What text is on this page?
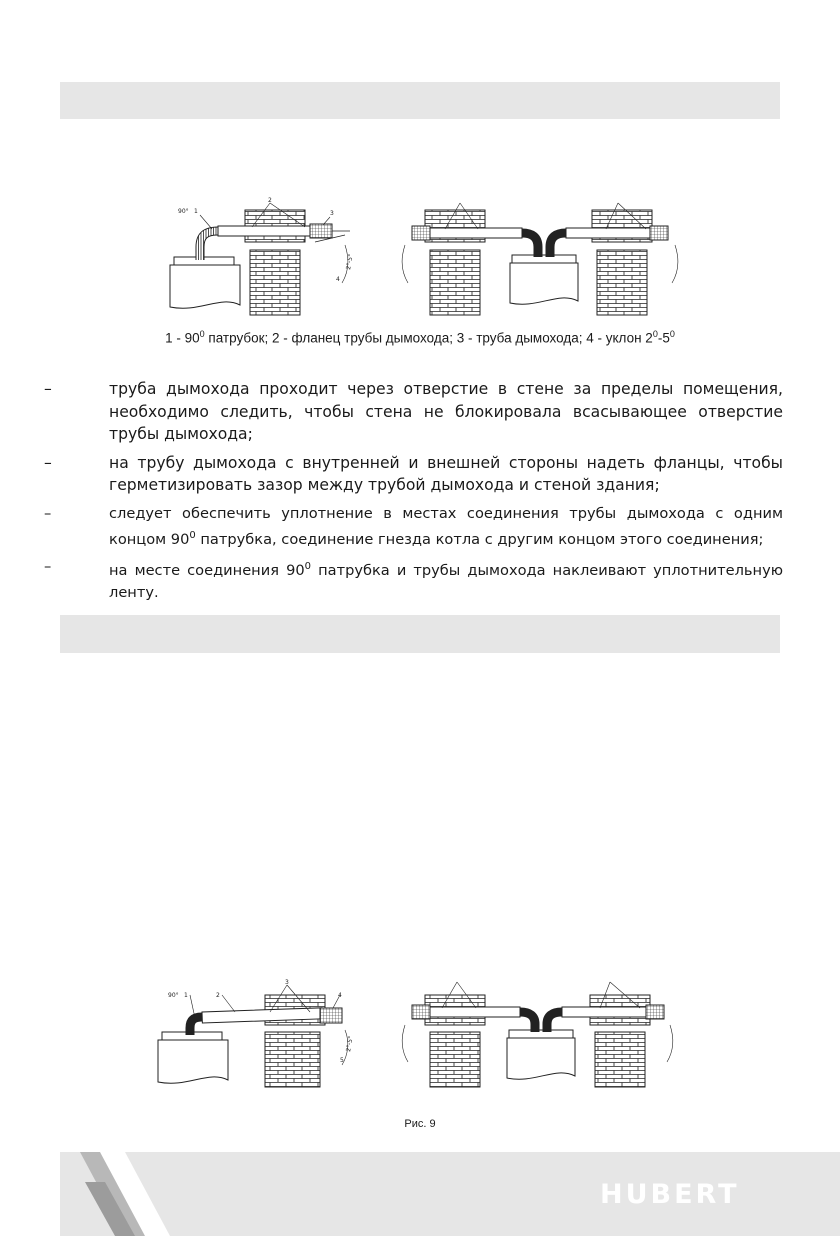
90° 1
2
3
4
2°-5°
$1 - 90^0$ патрубок; 2 - фланец трубы дымохода; 3 - труба дымохода; 4 - уклон $2^0-5^0$
–	труба дымохода проходит через отверстие в стене за пределы помещения, необходимо следить, чтобы стена не блокировала всасывающее отверстие трубы дымохода;
–	на трубу дымохода с внутренней и внешней стороны надеть фланцы, чтобы герметизировать зазор между трубой дымохода и стеной здания;
–	следует обеспечить уплотнение в местах соединения трубы дымохода с одним концом $90^0$ патрубка, соединение гнезда котла с другим концом этого соединения;
–	на месте соединения $90^0$ патрубка и трубы дымохода наклеивают уплотнительную ленту.
90° 1	2
3
4
5
2°-5°
Рис. 9
HUBERT
